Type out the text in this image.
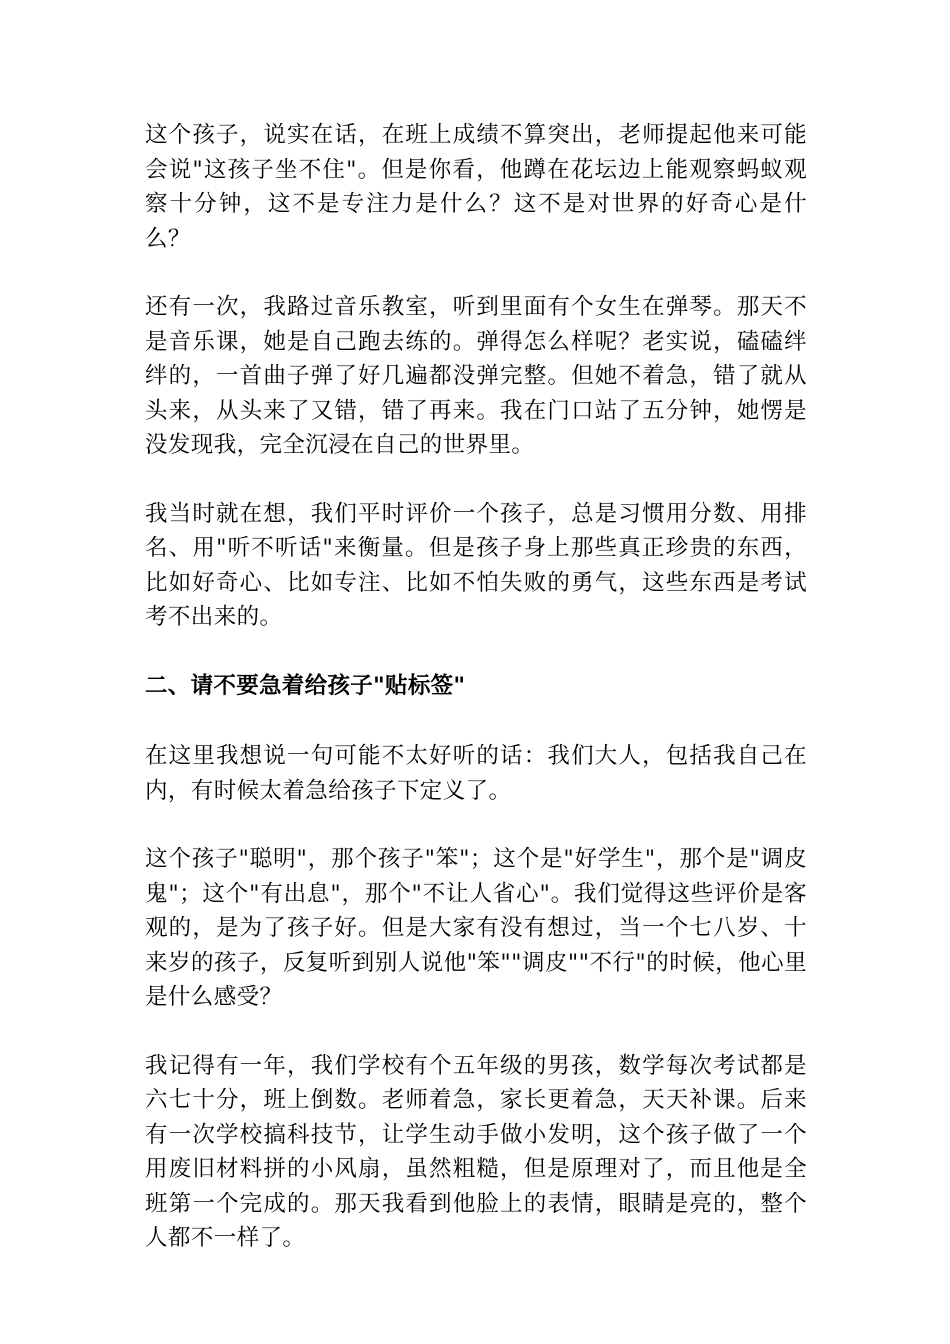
这个孩子，说实在话，在班上成绩不算突出，老师提起他来可能会说"这孩子坐不住"。但是你看，他蹲在花坛边上能观察蚂蚁观察十分钟，这不是专注力是什么？这不是对世界的好奇心是什么？

还有一次，我路过音乐教室，听到里面有个女生在弹琴。那天不是音乐课，她是自己跑去练的。弹得怎么样呢？老实说，磕磕绊绊的，一首曲子弹了好几遍都没弹完整。但她不着急，错了就从头来，从头来了又错，错了再来。我在门口站了五分钟，她愣是没发现我，完全沉浸在自己的世界里。

我当时就在想，我们平时评价一个孩子，总是习惯用分数、用排名、用"听不听话"来衡量。但是孩子身上那些真正珍贵的东西，比如好奇心、比如专注、比如不怕失败的勇气，这些东西是考试考不出来的。

二、请不要急着给孩子"贴标签"

在这里我想说一句可能不太好听的话：我们大人，包括我自己在内，有时候太着急给孩子下定义了。

这个孩子"聪明"，那个孩子"笨"；这个是"好学生"，那个是"调皮鬼"；这个"有出息"，那个"不让人省心"。我们觉得这些评价是客观的，是为了孩子好。但是大家有没有想过，当一个七八岁、十来岁的孩子，反复听到别人说他"笨""调皮""不行"的时候，他心里是什么感受？

我记得有一年，我们学校有个五年级的男孩，数学每次考试都是六七十分，班上倒数。老师着急，家长更着急，天天补课。后来有一次学校搞科技节，让学生动手做小发明，这个孩子做了一个用废旧材料拼的小风扇，虽然粗糙，但是原理对了，而且他是全班第一个完成的。那天我看到他脸上的表情，眼睛是亮的，整个人都不一样了。
